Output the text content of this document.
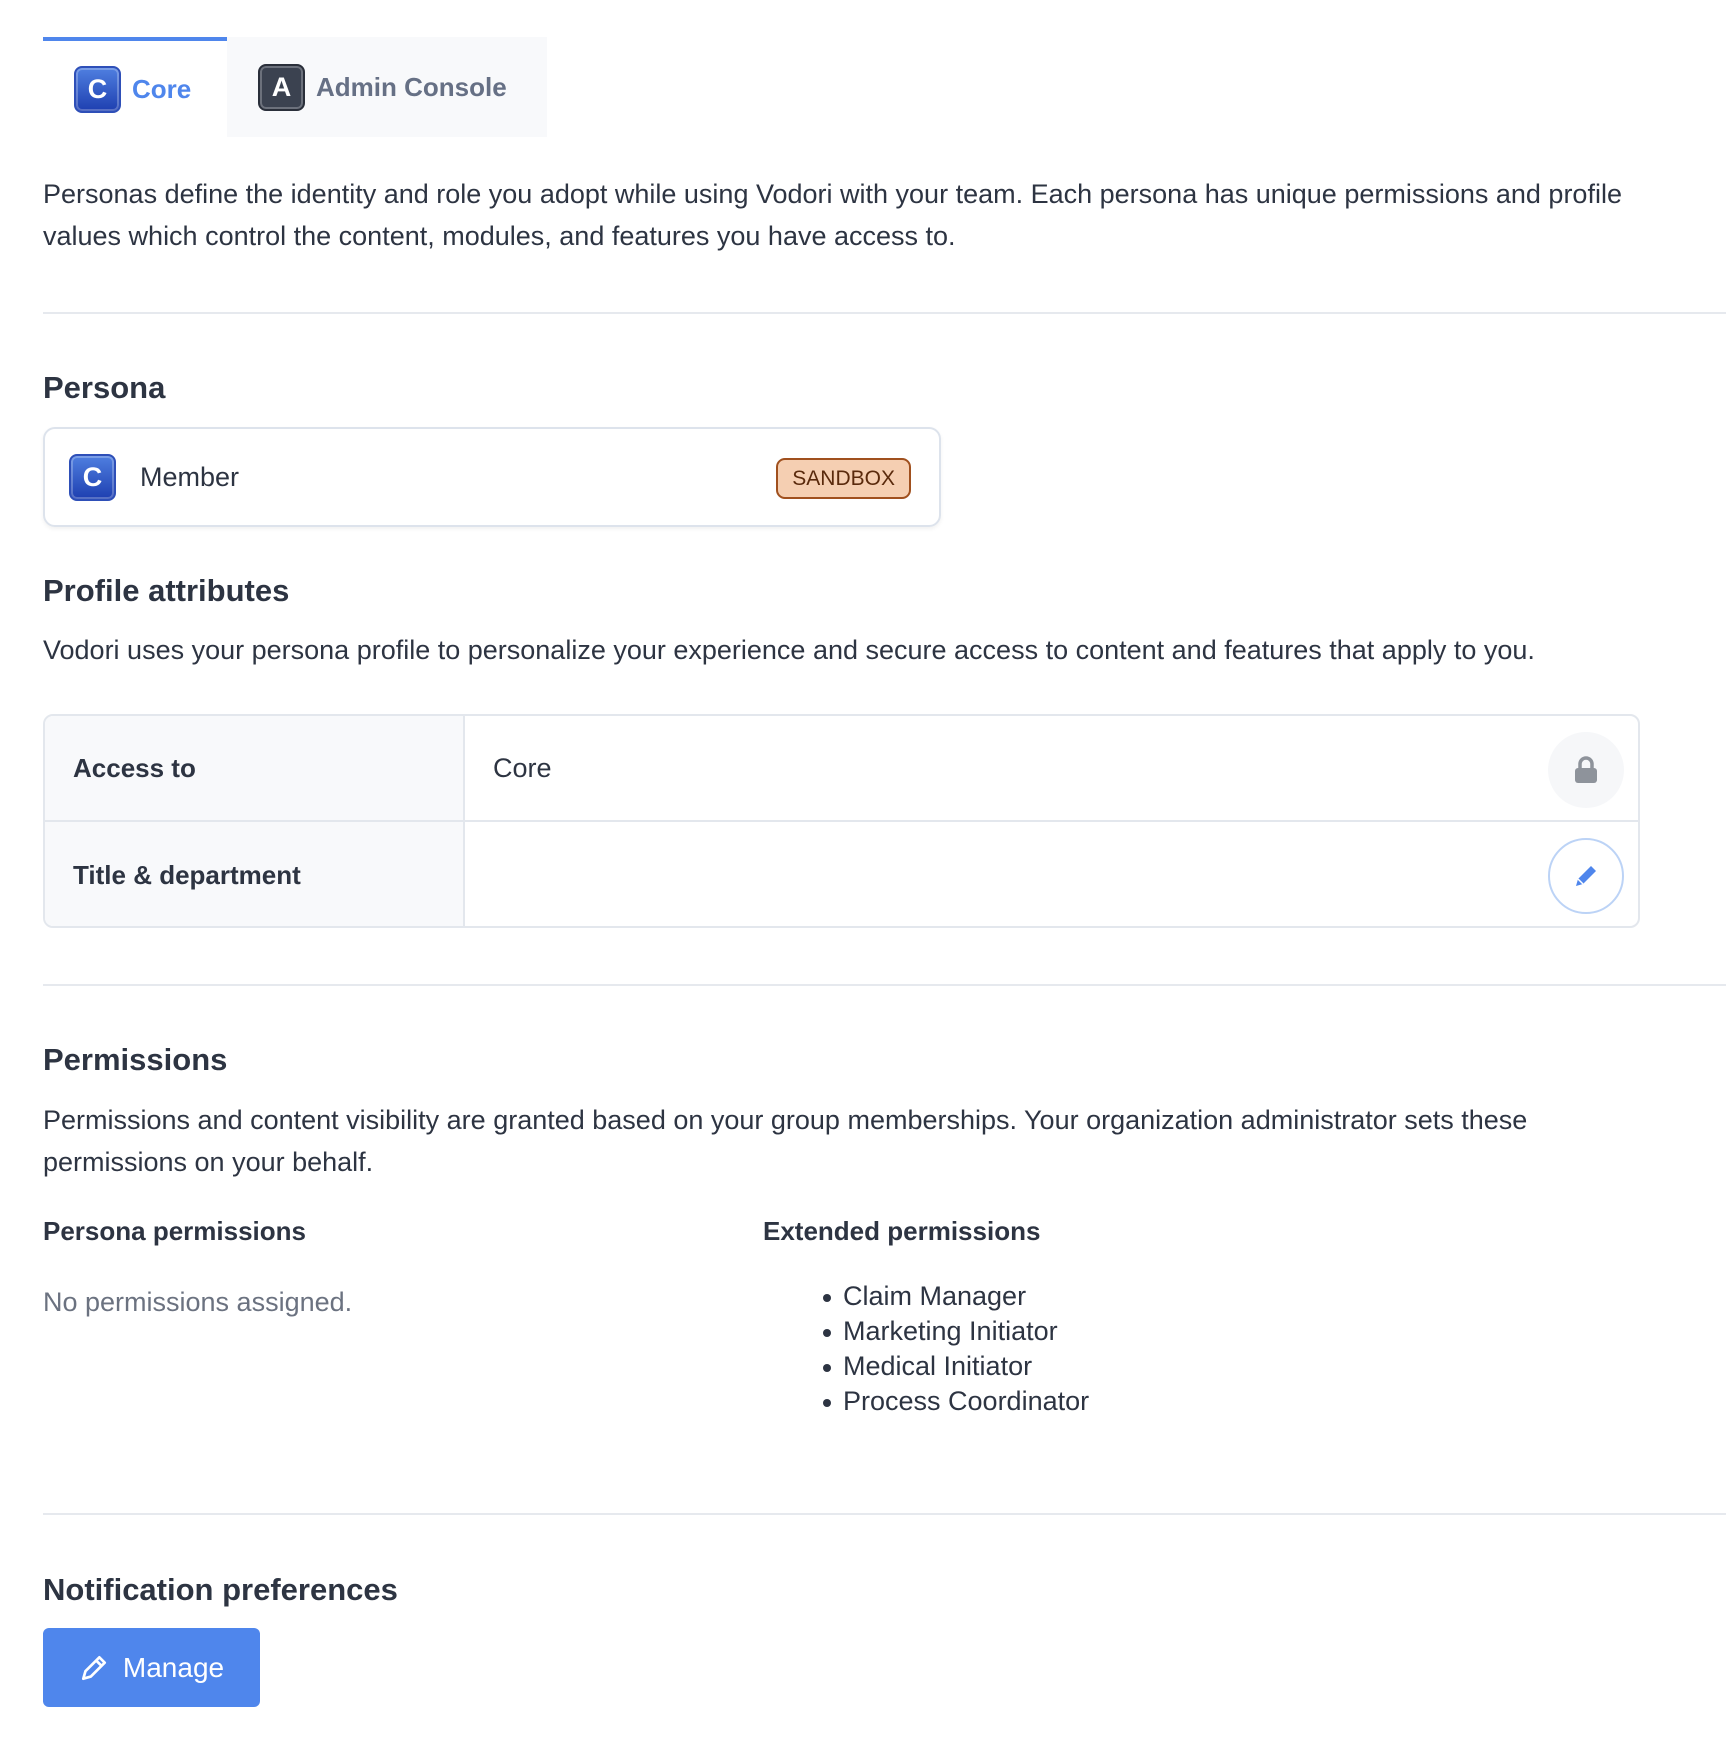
C Core	A Admin Console

Personas define the identity and role you adopt while using Vodori with your team. Each persona has unique permissions and profile values which control the content, modules, and features you have access to.

Persona
C	Member	SANDBOX
Profile attributes

Vodori uses your persona profile to personalize your experience and secure access to content and features that apply to you.

Access to	Core
Title & department
Permissions

Permissions and content visibility are granted based on your group memberships. Your organization administrator sets these permissions on your behalf.

Persona permissions

No permissions assigned.

Extended permissions
Claim Manager
Marketing Initiator
Medical Initiator
Process Coordinator
Notification preferences
Manage
